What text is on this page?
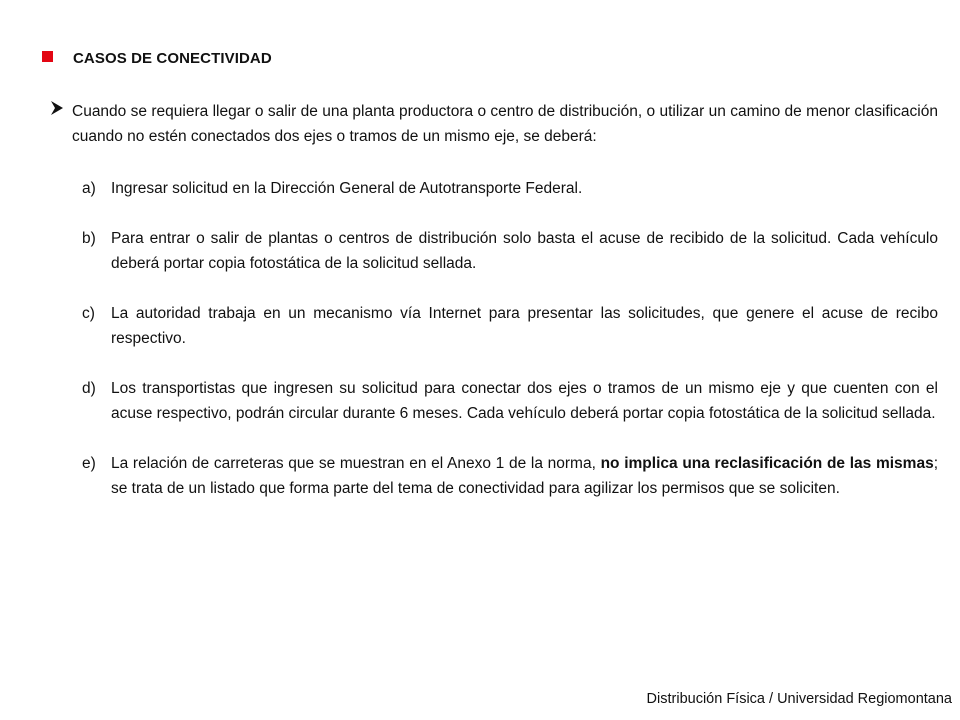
CASOS DE CONECTIVIDAD
Cuando se requiera llegar o salir de una planta productora o centro de distribución, o utilizar un camino de menor clasificación cuando no estén conectados dos ejes o tramos de un mismo eje, se deberá:
a) Ingresar solicitud en la Dirección General de Autotransporte Federal.
b) Para entrar o salir de plantas o centros de distribución solo basta el acuse de recibido de la solicitud. Cada vehículo deberá portar copia fotostática de la solicitud sellada.
c)	La autoridad trabaja en un mecanismo vía Internet para presentar las solicitudes, que genere el acuse de recibo respectivo.
d) Los transportistas que ingresen su solicitud para conectar dos ejes o tramos de un mismo eje y que cuenten con el acuse respectivo, podrán circular durante 6 meses. Cada vehículo deberá portar copia fotostática de la solicitud sellada.
e) La relación de carreteras que se muestran en el Anexo 1 de la norma, no implica una reclasificación de las mismas; se trata de un listado que forma parte del tema de conectividad para agilizar los permisos que se soliciten.
Distribución Física / Universidad Regiomontana
